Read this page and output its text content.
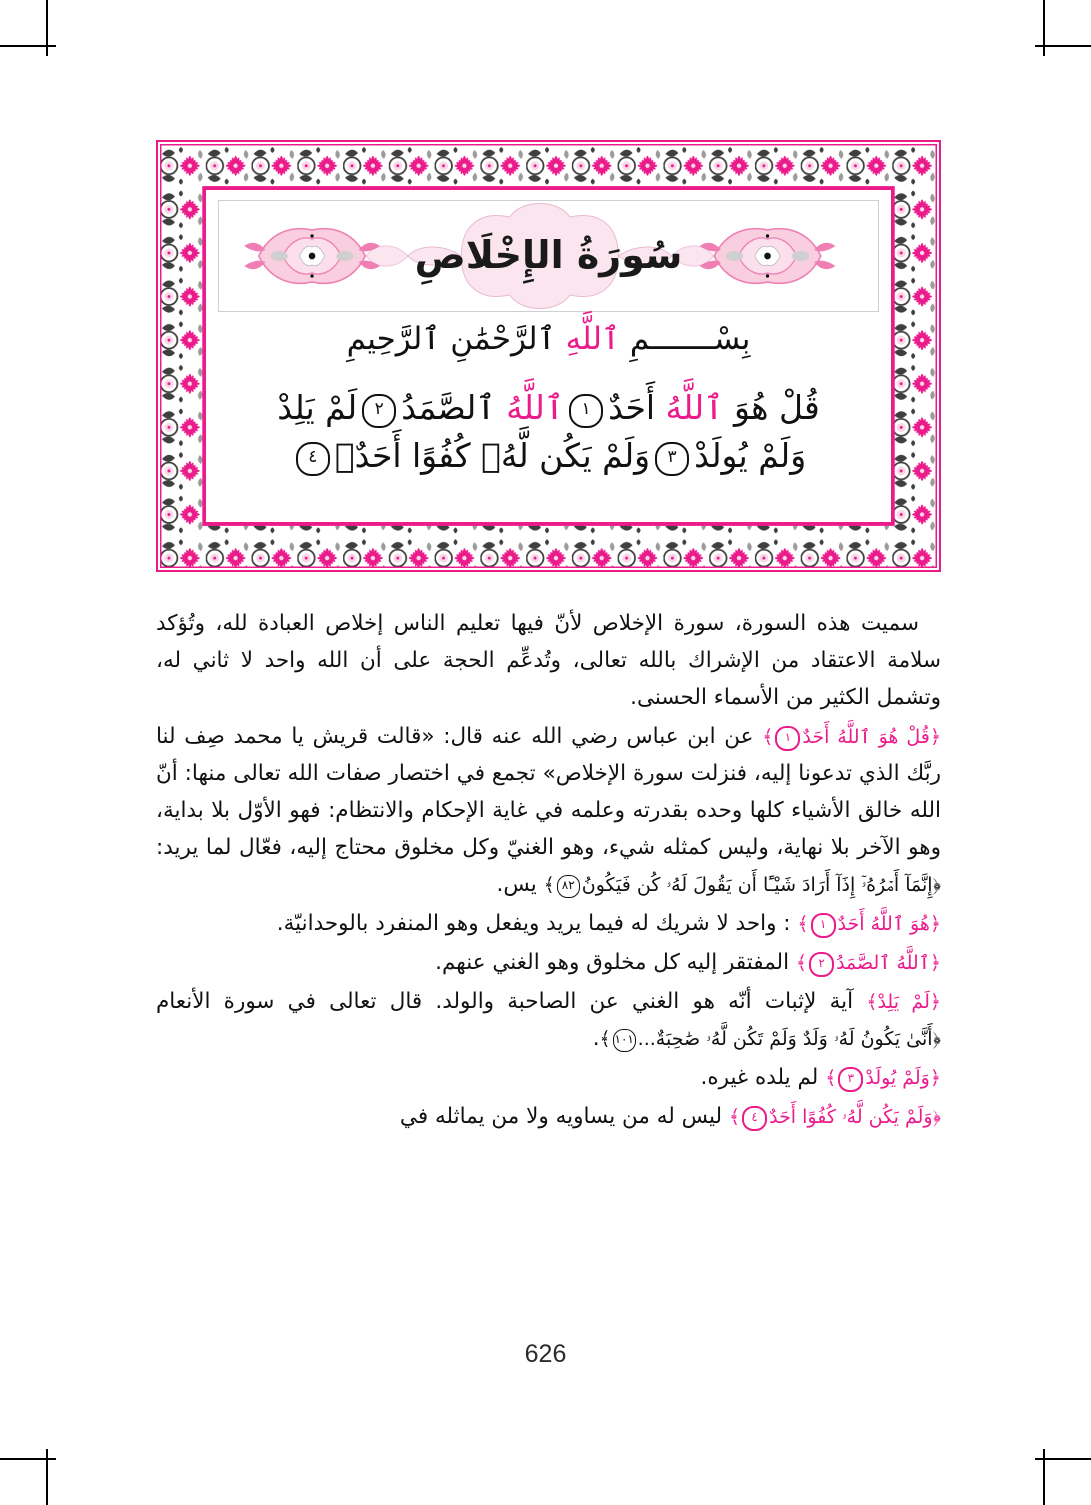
سُورَةُ الإِخْلَاصِ
بِسْـــــــمِ ٱللَّهِ ٱلرَّحْمَٰنِ ٱلرَّحِيمِ
قُلْ هُوَ ٱللَّهُ أَحَدٌ١ٱللَّهُ ٱلصَّمَدُ٢لَمْ يَلِدْ
وَلَمْ يُولَدْ٣وَلَمْ يَكُن لَّهُۥ كُفُوًا أَحَدٌۢ٤

سميت هذه السورة، سورة الإخلاص لأنّ فيها تعليم الناس إخلاص العبادة لله، وتُؤكد سلامة الاعتقاد من الإشراك بالله تعالى، وتُدعِّم الحجة على أن الله واحد لا ثاني له، وتشمل الكثير من الأسماء الحسنى.

﴿قُلْ هُوَ ٱللَّهُ أَحَدٌ١﴾ عن ابن عباس رضي الله عنه قال: «قالت قريش يا محمد صِف لنا ربَّك الذي تدعونا إليه، فنزلت سورة الإخلاص» تجمع في اختصار صفات الله تعالى منها: أنّ الله خالق الأشياء كلها وحده بقدرته وعلمه في غاية الإحكام والانتظام: فهو الأوّل بلا بداية، وهو الآخر بلا نهاية، وليس كمثله شيء، وهو الغنيّ وكل مخلوق محتاج إليه، فعّال لما يريد: ﴿إِنَّمَآ أَمۡرُهُۥٓ إِذَآ أَرَادَ شَيْـًٔا أَن يَقُولَ لَهُۥ كُن فَيَكُونُ٨٢﴾ يس.

﴿هُوَ ٱللَّهُ أَحَدٌ١﴾ : واحد لا شريك له فيما يريد ويفعل وهو المنفرد بالوحدانيّة.

﴿ٱللَّهُ ٱلصَّمَدُ٢﴾ المفتقر إليه كل مخلوق وهو الغني عنهم.

﴿لَمْ يَلِدْ﴾ آية لإثبات أنّه هو الغني عن الصاحبة والولد. قال تعالى في سورة الأنعام ﴿أَنَّىٰ يَكُونُ لَهُۥ وَلَدٌ وَلَمْ تَكُن لَّهُۥ صَٰحِبَةٌ...١٠١﴾.

﴿وَلَمْ يُولَدْ٣﴾ لم يلده غيره.

﴿وَلَمْ يَكُن لَّهُۥ كُفُوًا أَحَدٌ٤﴾ ليس له من يساويه ولا من يماثله في

626
